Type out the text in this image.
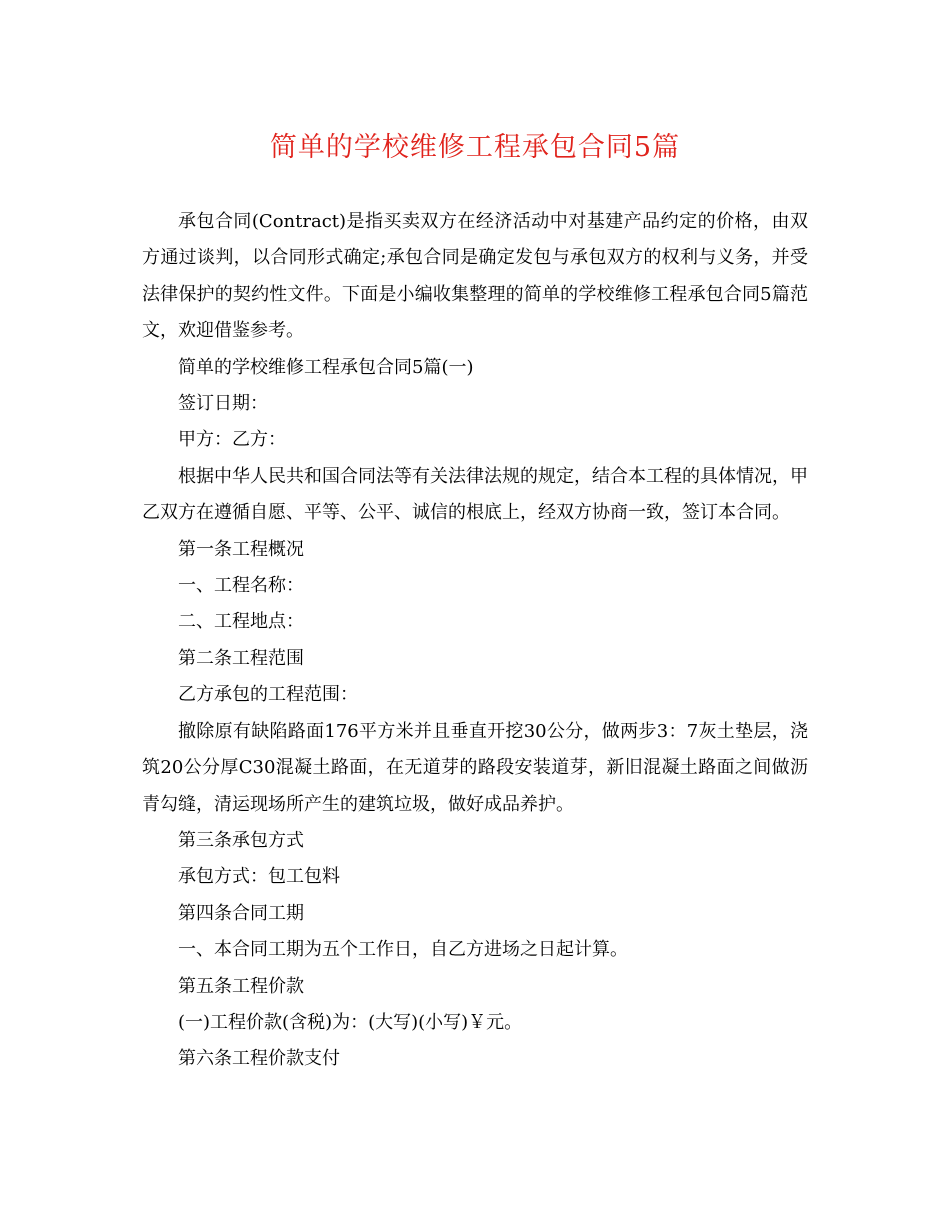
简单的学校维修工程承包合同5篇

承包合同(Contract)是指买卖双方在经济活动中对基建产品约定的价格，由双方通过谈判，以合同形式确定;承包合同是确定发包与承包双方的权利与义务，并受法律保护的契约性文件。下面是小编收集整理的简单的学校维修工程承包合同5篇范文，欢迎借鉴参考。

简单的学校维修工程承包合同5篇(一)

签订日期：

甲方：乙方：

根据中华人民共和国合同法等有关法律法规的规定，结合本工程的具体情况，甲乙双方在遵循自愿、平等、公平、诚信的根底上，经双方协商一致，签订本合同。

第一条工程概况

一、工程名称：

二、工程地点：

第二条工程范围

乙方承包的工程范围：

撤除原有缺陷路面176平方米并且垂直开挖30公分，做两步3：7灰土垫层，浇筑20公分厚C30混凝土路面，在无道芽的路段安装道芽，新旧混凝土路面之间做沥青勾缝，清运现场所产生的建筑垃圾，做好成品养护。

第三条承包方式

承包方式：包工包料

第四条合同工期

一、本合同工期为五个工作日，自乙方进场之日起计算。

第五条工程价款

(一)工程价款(含税)为：(大写)(小写)￥元。

第六条工程价款支付
